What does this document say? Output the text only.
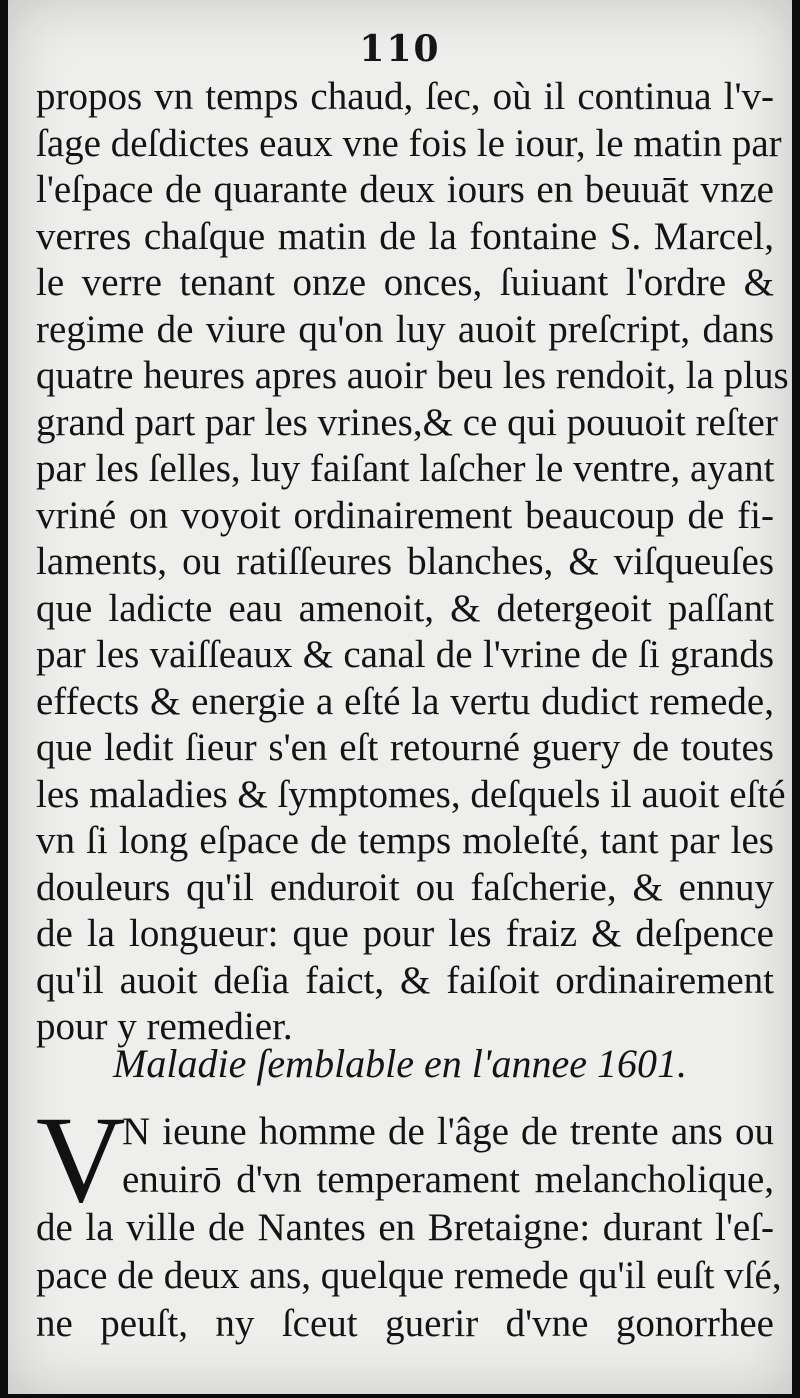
110
propos vn temps chaud, ſec, où il continua l'v-
ſage deſdictes eaux vne fois le iour, le matin par
l'eſpace de quarante deux iours en beuuāt vnze
verres chaſque matin de la fontaine S. Marcel,
le verre tenant onze onces, ſuiuant l'ordre &
regime de viure qu'on luy auoit preſcript, dans
quatre heures apres auoir beu les rendoit, la plus
grand part par les vrines,& ce qui pouuoit reſter
par les ſelles, luy faiſant laſcher le ventre, ayant
vriné on voyoit ordinairement beaucoup de fi-
laments, ou ratiſſeures blanches, & viſqueuſes
que ladicte eau amenoit, & detergeoit paſſant
par les vaiſſeaux & canal de l'vrine de ſi grands
effects & energie a eſté la vertu dudict remede,
que ledit ſieur s'en eſt retourné guery de toutes
les maladies & ſymptomes, deſquels il auoit eſté
vn ſi long eſpace de temps moleſté, tant par les
douleurs qu'il enduroit ou faſcherie, & ennuy
de la longueur: que pour les fraiz & deſpence
qu'il auoit deſia faict, & faiſoit ordinairement
pour y remedier.
Maladie ſemblable en l'annee 1601.
V
N ieune homme de l'âge de trente ans ou
enuirō d'vn temperament melancholique,
de la ville de Nantes en Bretaigne: durant l'eſ-
pace de deux ans, quelque remede qu'il euſt vſé,
ne peuſt, ny ſceut guerir d'vne gonorrhee
